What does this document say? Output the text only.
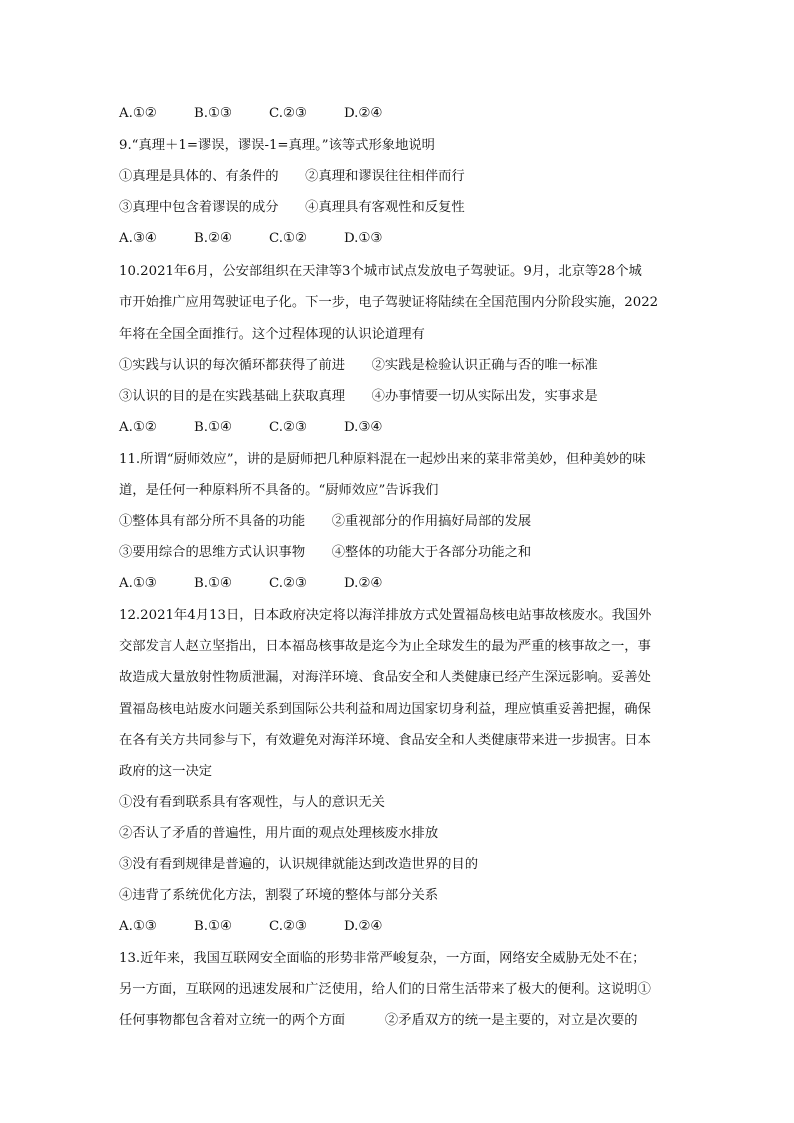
A.①②	B.①③	C.②③	D.②④
9.“真理＋1=谬误，谬误-1=真理。”该等式形象地说明
①真理是具体的、有条件的　　②真理和谬误往往相伴而行
③真理中包含着谬误的成分　　④真理具有客观性和反复性
A.③④	B.②④	C.①②	D.①③
10.2021年6月，公安部组织在天津等3个城市试点发放电子驾驶证。9月，北京等28个城
市开始推广应用驾驶证电子化。下一步，电子驾驶证将陆续在全国范围内分阶段实施，2022
年将在全国全面推行。这个过程体现的认识论道理有
①实践与认识的每次循环都获得了前进　　②实践是检验认识正确与否的唯一标准
③认识的目的是在实践基础上获取真理　　④办事情要一切从实际出发，实事求是
A.①②	B.①④	C.②③	D.③④
11.所谓“厨师效应”，讲的是厨师把几种原料混在一起炒出来的菜非常美妙，但种美妙的味
道，是任何一种原料所不具备的。“厨师效应”告诉我们
①整体具有部分所不具备的功能　　②重视部分的作用搞好局部的发展
③要用综合的思维方式认识事物　　④整体的功能大于各部分功能之和
A.①③	B.①④	C.②③	D.②④
12.2021年4月13日，日本政府决定将以海洋排放方式处置福岛核电站事故核废水。我国外
交部发言人赵立坚指出，日本福岛核事故是迄今为止全球发生的最为严重的核事故之一，事
故造成大量放射性物质泄漏，对海洋环境、食品安全和人类健康已经产生深远影响。妥善处
置福岛核电站废水问题关系到国际公共利益和周边国家切身利益，理应慎重妥善把握，确保
在各有关方共同参与下，有效避免对海洋环境、食品安全和人类健康带来进一步损害。日本
政府的这一决定
①没有看到联系具有客观性，与人的意识无关
②否认了矛盾的普遍性，用片面的观点处理核废水排放
③没有看到规律是普遍的，认识规律就能达到改造世界的目的
④违背了系统优化方法，割裂了环境的整体与部分关系
A.①③	B.①④	C.②③	D.②④
13.近年来，我国互联网安全面临的形势非常严峻复杂，一方面，网络安全威胁无处不在；
另一方面，互联网的迅速发展和广泛使用，给人们的日常生活带来了极大的便利。这说明①
任何事物都包含着对立统一的两个方面　　　②矛盾双方的统一是主要的，对立是次要的
